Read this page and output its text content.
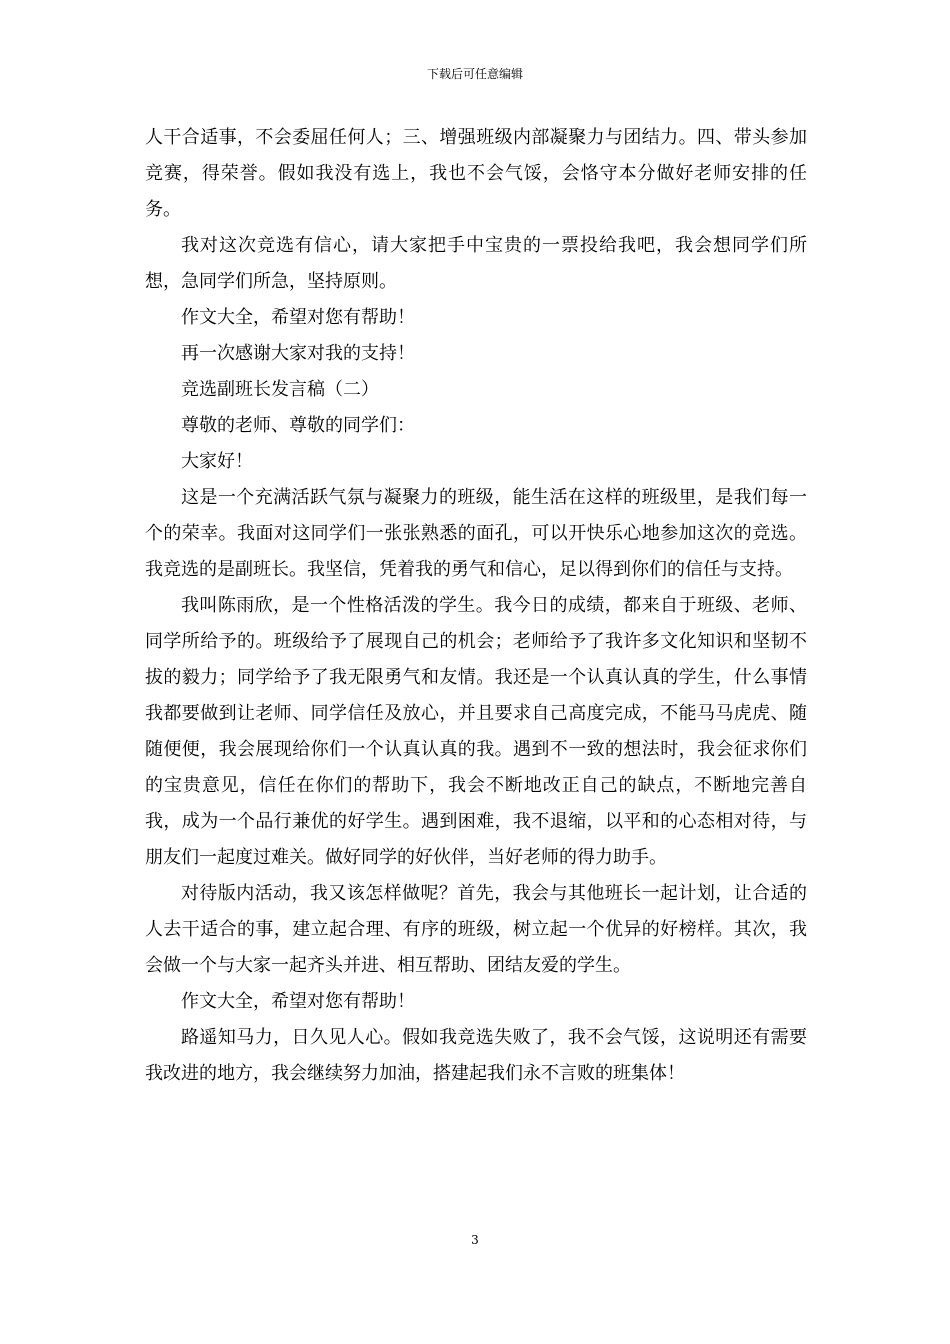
下载后可任意编辑

人干合适事，不会委屈任何人；三、增强班级内部凝聚力与团结力。四、带头参加竞赛，得荣誉。假如我没有选上，我也不会气馁，会恪守本分做好老师安排的任务。

我对这次竞选有信心，请大家把手中宝贵的一票投给我吧，我会想同学们所想，急同学们所急，坚持原则。

作文大全，希望对您有帮助！

再一次感谢大家对我的支持！

竞选副班长发言稿（二）

尊敬的老师、尊敬的同学们：

大家好！

这是一个充满活跃气氛与凝聚力的班级，能生活在这样的班级里，是我们每一个的荣幸。我面对这同学们一张张熟悉的面孔，可以开快乐心地参加这次的竞选。我竞选的是副班长。我坚信，凭着我的勇气和信心，足以得到你们的信任与支持。

我叫陈雨欣，是一个性格活泼的学生。我今日的成绩，都来自于班级、老师、同学所给予的。班级给予了展现自己的机会；老师给予了我许多文化知识和坚韧不拔的毅力；同学给予了我无限勇气和友情。我还是一个认真认真的学生，什么事情我都要做到让老师、同学信任及放心，并且要求自己高度完成，不能马马虎虎、随随便便，我会展现给你们一个认真认真的我。遇到不一致的想法时，我会征求你们的宝贵意见，信任在你们的帮助下，我会不断地改正自己的缺点，不断地完善自我，成为一个品行兼优的好学生。遇到困难，我不退缩，以平和的心态相对待，与朋友们一起度过难关。做好同学的好伙伴，当好老师的得力助手。

对待版内活动，我又该怎样做呢？首先，我会与其他班长一起计划，让合适的人去干适合的事，建立起合理、有序的班级，树立起一个优异的好榜样。其次，我会做一个与大家一起齐头并进、相互帮助、团结友爱的学生。

作文大全，希望对您有帮助！

路遥知马力，日久见人心。假如我竞选失败了，我不会气馁，这说明还有需要我改进的地方，我会继续努力加油，搭建起我们永不言败的班集体！

3
